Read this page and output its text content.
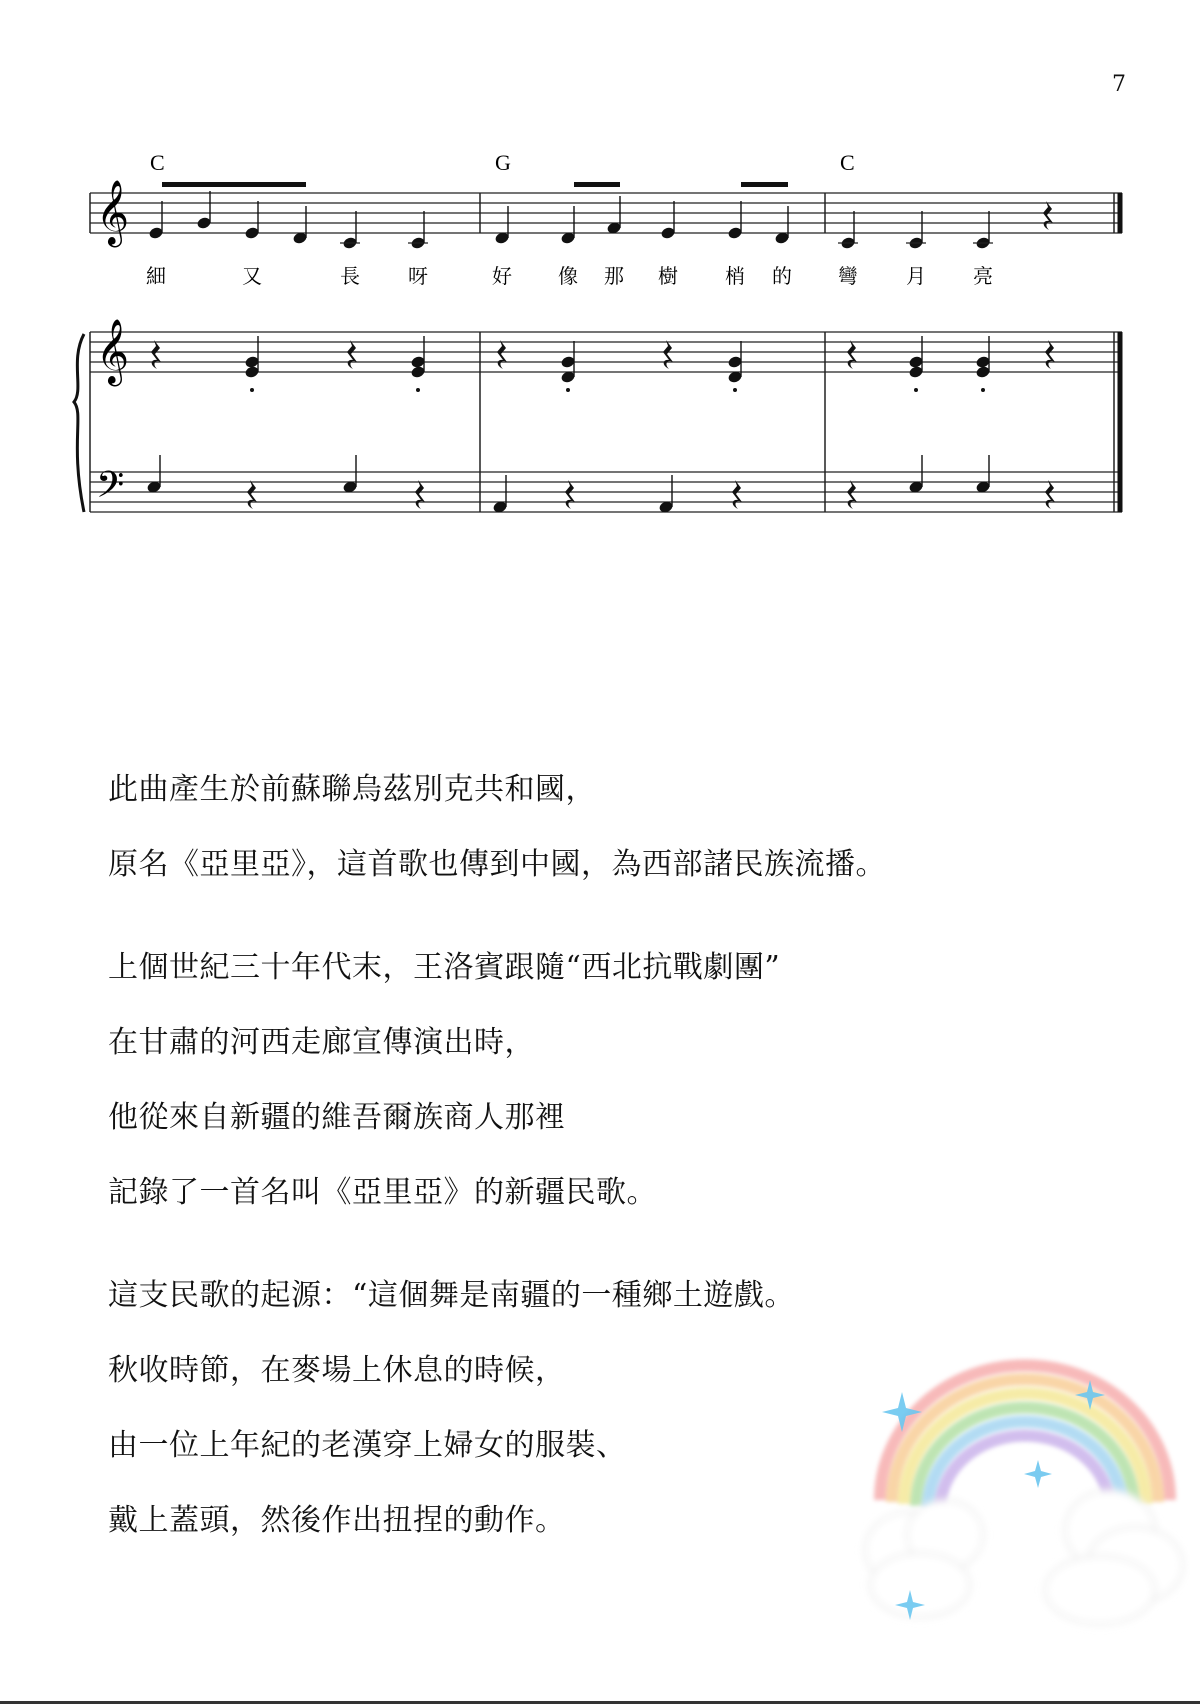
7
C	G	C
𝄞
𝄞
𝄢
細	又	長 呀	好 像 那 樹 梢 的 彎 月 亮
此曲產生於前蘇聯烏茲別克共和國，
原名《亞里亞》，這首歌也傳到中國，為西部諸民族流播。
上個世紀三十年代末，王洛賓跟隨“西北抗戰劇團”
在甘肅的河西走廊宣傳演出時，
他從來自新疆的維吾爾族商人那裡
記錄了一首名叫《亞里亞》的新疆民歌。
這支民歌的起源：“這個舞是南疆的一種鄉土遊戲。
秋收時節，在麥場上休息的時候，
由一位上年紀的老漢穿上婦女的服裝、
戴上蓋頭，然後作出扭捏的動作。
